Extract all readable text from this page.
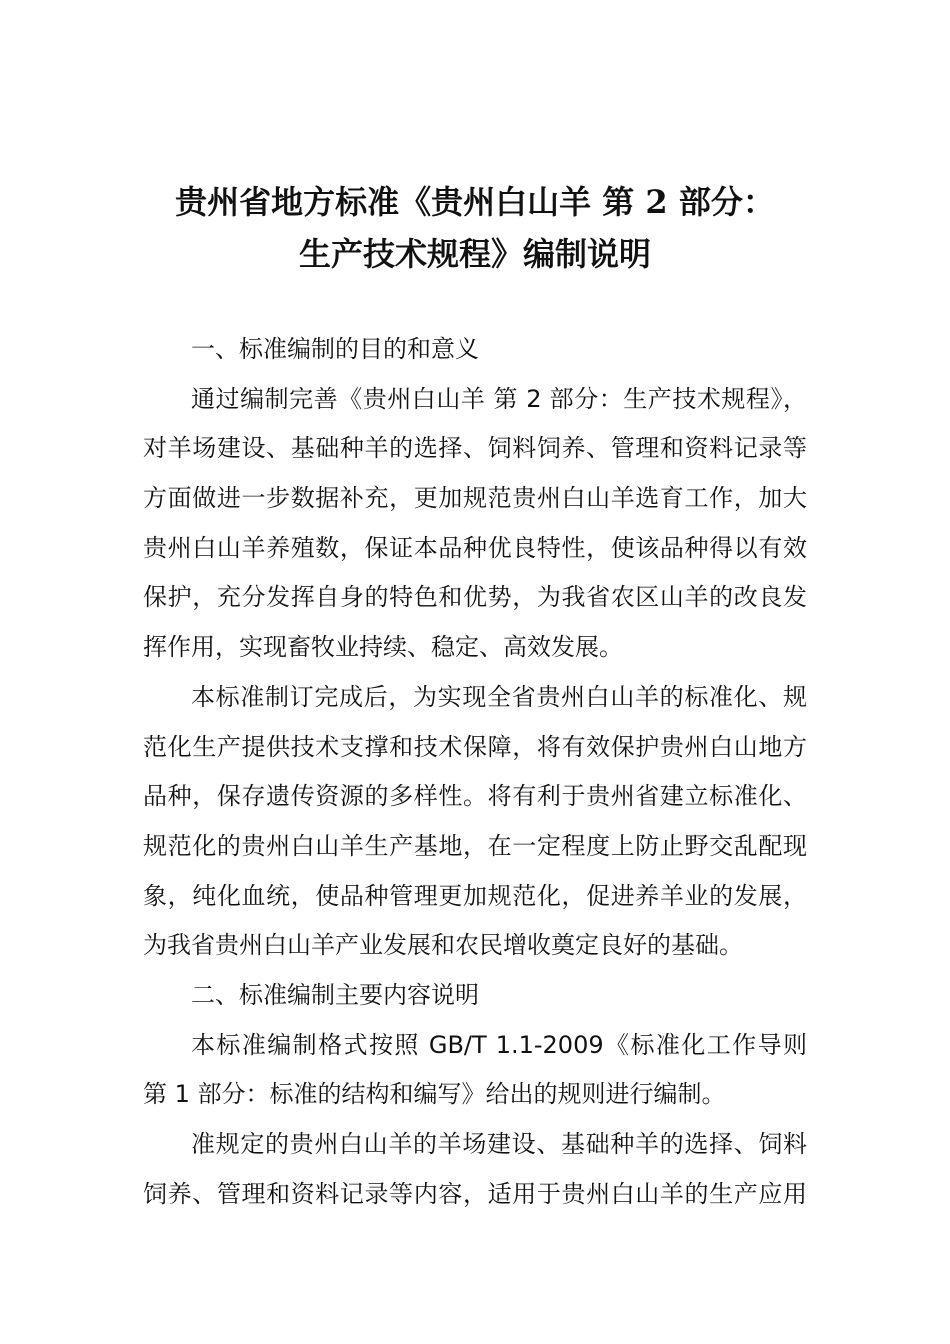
贵州省地方标准《贵州白山羊 第 2 部分：
生产技术规程》编制说明
一、标准编制的目的和意义
通过编制完善《贵州白山羊 第 2 部分：生产技术规程》，
对羊场建设、基础种羊的选择、饲料饲养、管理和资料记录等
方面做进一步数据补充，更加规范贵州白山羊选育工作，加大
贵州白山羊养殖数，保证本品种优良特性，使该品种得以有效
保护，充分发挥自身的特色和优势，为我省农区山羊的改良发
挥作用，实现畜牧业持续、稳定、高效发展。
本标准制订完成后，为实现全省贵州白山羊的标准化、规
范化生产提供技术支撑和技术保障，将有效保护贵州白山地方
品种，保存遗传资源的多样性。将有利于贵州省建立标准化、
规范化的贵州白山羊生产基地，在一定程度上防止野交乱配现
象，纯化血统，使品种管理更加规范化，促进养羊业的发展，
为我省贵州白山羊产业发展和农民增收奠定良好的基础。
二、标准编制主要内容说明
本标准编制格式按照 GB/T 1.1-2009《标准化工作导则
第 1 部分：标准的结构和编写》给出的规则进行编制。
准规定的贵州白山羊的羊场建设、基础种羊的选择、饲料
饲养、管理和资料记录等内容，适用于贵州白山羊的生产应用
